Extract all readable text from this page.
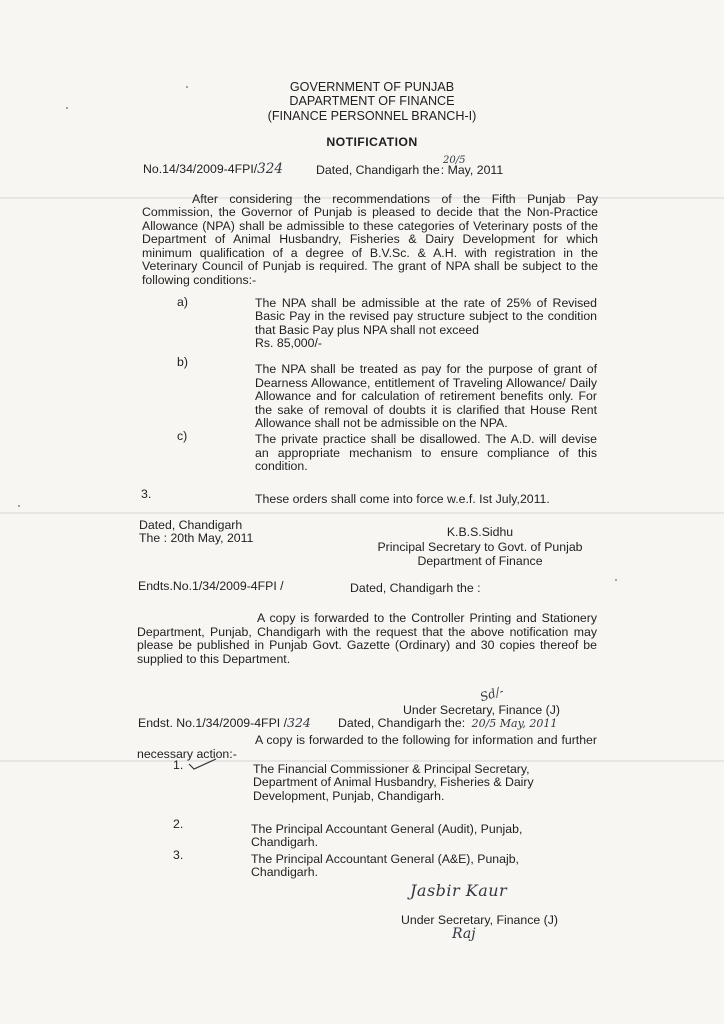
GOVERNMENT OF PUNJAB
DAPARTMENT OF FINANCE
(FINANCE PERSONNEL BRANCH-I)
NOTIFICATION
No.14/34/2009-4FPI/324	Dated, Chandigarh the
20/5
: May, 2011
After considering the recommendations of the Fifth Punjab Pay Commission, the Governor of Punjab is pleased to decide that the Non-Practice Allowance (NPA) shall be admissible to these categories of Veterinary posts of the Department of Animal Husbandry, Fisheries & Dairy Development for which minimum qualification of a degree of B.V.Sc. & A.H. with registration in the Veterinary Council of Punjab is required. The grant of NPA shall be subject to the following conditions:-
a)	The NPA shall be admissible at the rate of 25% of Revised Basic Pay in the revised pay structure subject to the condition that Basic Pay plus NPA shall not exceed
Rs. 85,000/-
b)	The NPA shall be treated as pay for the purpose of grant of Dearness Allowance, entitlement of Traveling Allowance/ Daily Allowance and for calculation of retirement benefits only. For the sake of removal of doubts it is clarified that House Rent Allowance shall not be admissible on the NPA.
c)	The private practice shall be disallowed. The A.D. will devise an appropriate mechanism to ensure compliance of this condition.
3.	These orders shall come into force w.e.f. Ist July,2011.
Dated, Chandigarh
The : 20th May, 2011	K.B.S.Sidhu
Principal Secretary to Govt. of Punjab
Department of Finance
Endts.No.1/34/2009-4FPI /	Dated, Chandigarh the :
A copy is forwarded to the Controller Printing and Stationery Department, Punjab, Chandigarh with the request that the above notification may please be published in Punjab Govt. Gazette (Ordinary) and 30 copies thereof be supplied to this Department.
Sd/-
Under Secretary, Finance (J)
Endst. No.1/34/2009-4FPI /324 Dated, Chandigarh the: 20/5 May, 2011
A copy is forwarded to the following for information and further necessary action:-
1.	The Financial Commissioner & Principal Secretary, Department of Animal Husbandry, Fisheries & Dairy Development, Punjab, Chandigarh.
2.	The Principal Accountant General (Audit), Punjab, Chandigarh.
3.	The Principal Accountant General (A&E), Punajb, Chandigarh.
Jasbir Kaur
Under Secretary, Finance (J)
Raj
